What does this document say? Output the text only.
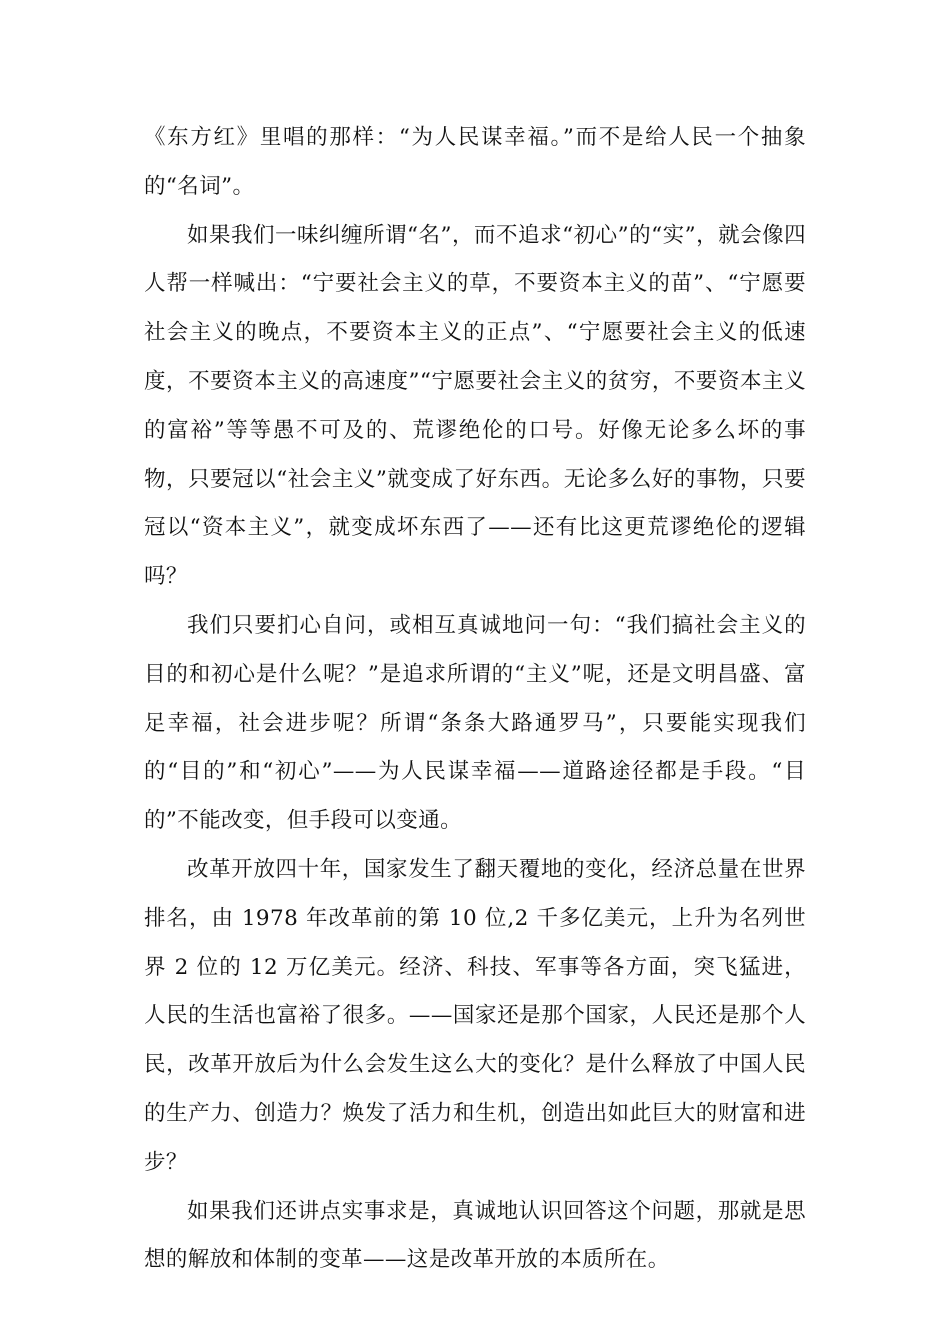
《东方红》里唱的那样：“为人民谋幸福。”而不是给人民一个抽象的“名词”。

如果我们一味纠缠所谓“名”，而不追求“初心”的“实”，就会像四人帮一样喊出：“宁要社会主义的草，不要资本主义的苗”、“宁愿要社会主义的晚点，不要资本主义的正点”、“宁愿要社会主义的低速度，不要资本主义的高速度”“宁愿要社会主义的贫穷，不要资本主义的富裕”等等愚不可及的、荒谬绝伦的口号。好像无论多么坏的事物，只要冠以“社会主义”就变成了好东西。无论多么好的事物，只要冠以“资本主义”，就变成坏东西了——还有比这更荒谬绝伦的逻辑吗？

我们只要扪心自问，或相互真诚地问一句：“我们搞社会主义的目的和初心是什么呢？”是追求所谓的“主义”呢，还是文明昌盛、富足幸福，社会进步呢？所谓“条条大路通罗马”，只要能实现我们的“目的”和“初心”——为人民谋幸福——道路途径都是手段。“目的”不能改变，但手段可以变通。

改革开放四十年，国家发生了翻天覆地的变化，经济总量在世界排名，由 1978 年改革前的第 10 位,2 千多亿美元，上升为名列世界 2 位的 12 万亿美元。经济、科技、军事等各方面，突飞猛进，人民的生活也富裕了很多。——国家还是那个国家，人民还是那个人民，改革开放后为什么会发生这么大的变化？是什么释放了中国人民的生产力、创造力？焕发了活力和生机，创造出如此巨大的财富和进步？

如果我们还讲点实事求是，真诚地认识回答这个问题，那就是思想的解放和体制的变革——这是改革开放的本质所在。
